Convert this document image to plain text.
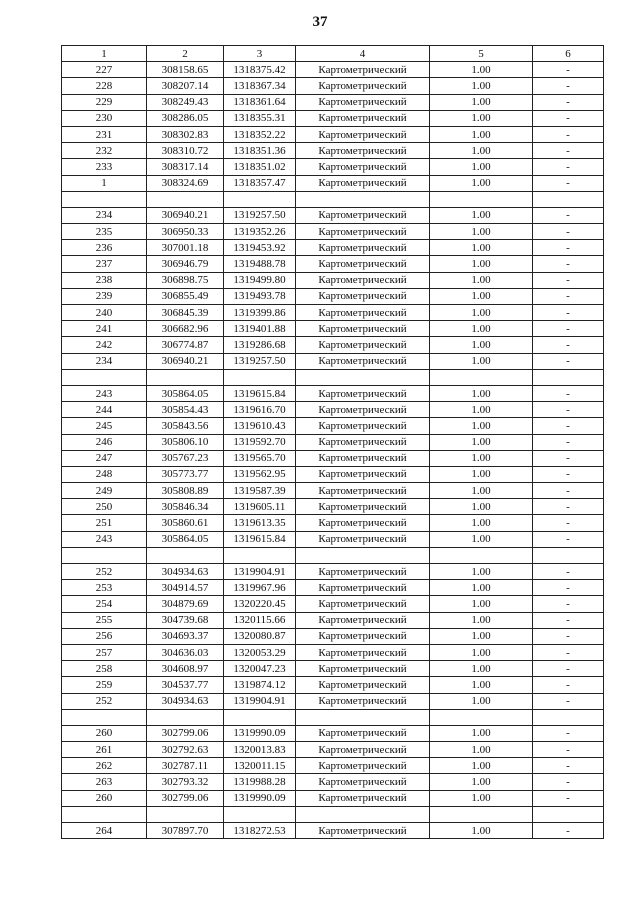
37
1	2	3	4	5	6
227	308158.65	1318375.42	Картометрический	1.00	-
228	308207.14	1318367.34	Картометрический	1.00	-
229	308249.43	1318361.64	Картометрический	1.00	-
230	308286.05	1318355.31	Картометрический	1.00	-
231	308302.83	1318352.22	Картометрический	1.00	-
232	308310.72	1318351.36	Картометрический	1.00	-
233	308317.14	1318351.02	Картометрический	1.00	-
1	308324.69	1318357.47	Картометрический	1.00	-

234	306940.21	1319257.50	Картометрический	1.00	-
235	306950.33	1319352.26	Картометрический	1.00	-
236	307001.18	1319453.92	Картометрический	1.00	-
237	306946.79	1319488.78	Картометрический	1.00	-
238	306898.75	1319499.80	Картометрический	1.00	-
239	306855.49	1319493.78	Картометрический	1.00	-
240	306845.39	1319399.86	Картометрический	1.00	-
241	306682.96	1319401.88	Картометрический	1.00	-
242	306774.87	1319286.68	Картометрический	1.00	-
234	306940.21	1319257.50	Картометрический	1.00	-

243	305864.05	1319615.84	Картометрический	1.00	-
244	305854.43	1319616.70	Картометрический	1.00	-
245	305843.56	1319610.43	Картометрический	1.00	-
246	305806.10	1319592.70	Картометрический	1.00	-
247	305767.23	1319565.70	Картометрический	1.00	-
248	305773.77	1319562.95	Картометрический	1.00	-
249	305808.89	1319587.39	Картометрический	1.00	-
250	305846.34	1319605.11	Картометрический	1.00	-
251	305860.61	1319613.35	Картометрический	1.00	-
243	305864.05	1319615.84	Картометрический	1.00	-

252	304934.63	1319904.91	Картометрический	1.00	-
253	304914.57	1319967.96	Картометрический	1.00	-
254	304879.69	1320220.45	Картометрический	1.00	-
255	304739.68	1320115.66	Картометрический	1.00	-
256	304693.37	1320080.87	Картометрический	1.00	-
257	304636.03	1320053.29	Картометрический	1.00	-
258	304608.97	1320047.23	Картометрический	1.00	-
259	304537.77	1319874.12	Картометрический	1.00	-
252	304934.63	1319904.91	Картометрический	1.00	-

260	302799.06	1319990.09	Картометрический	1.00	-
261	302792.63	1320013.83	Картометрический	1.00	-
262	302787.11	1320011.15	Картометрический	1.00	-
263	302793.32	1319988.28	Картометрический	1.00	-
260	302799.06	1319990.09	Картометрический	1.00	-

264	307897.70	1318272.53	Картометрический	1.00	-
